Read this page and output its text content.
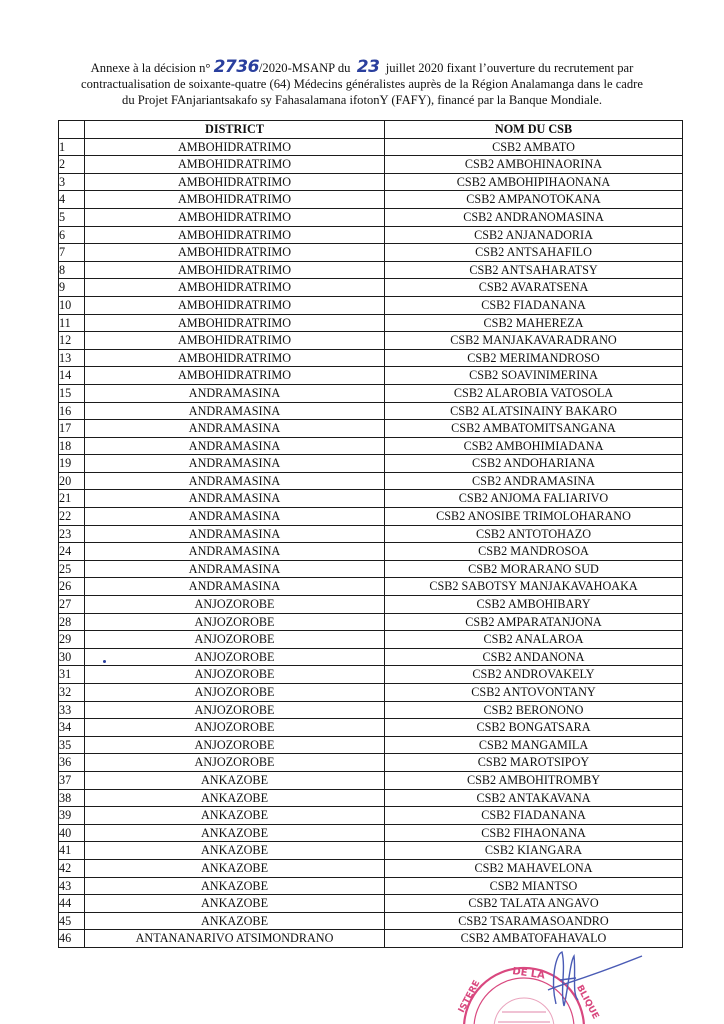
Annexe à la décision n° 2736/2020-MSANP du 23 juillet 2020 fixant l’ouverture du recrutement par
contractualisation de soixante-quatre (64) Médecins généralistes auprès de la Région Analamanga dans le cadre
du Projet FAnjariantsakafo sy Fahasalamana ifotonY (FAFY), financé par la Banque Mondiale.
	DISTRICT	NOM DU CSB
1	AMBOHIDRATRIMO	CSB2 AMBATO
2	AMBOHIDRATRIMO	CSB2 AMBOHINAORINA
3	AMBOHIDRATRIMO	CSB2 AMBOHIPIHAONANA
4	AMBOHIDRATRIMO	CSB2 AMPANOTOKANA
5	AMBOHIDRATRIMO	CSB2 ANDRANOMASINA
6	AMBOHIDRATRIMO	CSB2 ANJANADORIA
7	AMBOHIDRATRIMO	CSB2 ANTSAHAFILO
8	AMBOHIDRATRIMO	CSB2 ANTSAHARATSY
9	AMBOHIDRATRIMO	CSB2 AVARATSENA
10	AMBOHIDRATRIMO	CSB2 FIADANANA
11	AMBOHIDRATRIMO	CSB2 MAHEREZA
12	AMBOHIDRATRIMO	CSB2 MANJAKAVARADRANO
13	AMBOHIDRATRIMO	CSB2 MERIMANDROSO
14	AMBOHIDRATRIMO	CSB2 SOAVINIMERINA
15	ANDRAMASINA	CSB2 ALAROBIA VATOSOLA
16	ANDRAMASINA	CSB2 ALATSINAINY BAKARO
17	ANDRAMASINA	CSB2 AMBATOMITSANGANA
18	ANDRAMASINA	CSB2 AMBOHIMIADANA
19	ANDRAMASINA	CSB2 ANDOHARIANA
20	ANDRAMASINA	CSB2 ANDRAMASINA
21	ANDRAMASINA	CSB2 ANJOMA FALIARIVO
22	ANDRAMASINA	CSB2 ANOSIBE TRIMOLOHARANO
23	ANDRAMASINA	CSB2 ANTOTOHAZO
24	ANDRAMASINA	CSB2 MANDROSOA
25	ANDRAMASINA	CSB2 MORARANO SUD
26	ANDRAMASINA	CSB2 SABOTSY MANJAKAVAHOAKA
27	ANJOZOROBE	CSB2 AMBOHIBARY
28	ANJOZOROBE	CSB2 AMPARATANJONA
29	ANJOZOROBE	CSB2 ANALAROA
30	ANJOZOROBE	CSB2 ANDANONA
31	ANJOZOROBE	CSB2 ANDROVAKELY
32	ANJOZOROBE	CSB2 ANTOVONTANY
33	ANJOZOROBE	CSB2 BERONONO
34	ANJOZOROBE	CSB2 BONGATSARA
35	ANJOZOROBE	CSB2 MANGAMILA
36	ANJOZOROBE	CSB2 MAROTSIPOY
37	ANKAZOBE	CSB2 AMBOHITROMBY
38	ANKAZOBE	CSB2 ANTAKAVANA
39	ANKAZOBE	CSB2 FIADANANA
40	ANKAZOBE	CSB2 FIHAONANA
41	ANKAZOBE	CSB2 KIANGARA
42	ANKAZOBE	CSB2 MAHAVELONA
43	ANKAZOBE	CSB2 MIANTSO
44	ANKAZOBE	CSB2 TALATA ANGAVO
45	ANKAZOBE	CSB2 TSARAMASOANDRO
46	ANTANANARIVO ATSIMONDRANO	CSB2 AMBATOFAHAVALO
DE LA
ISTERE	BLIQUE
